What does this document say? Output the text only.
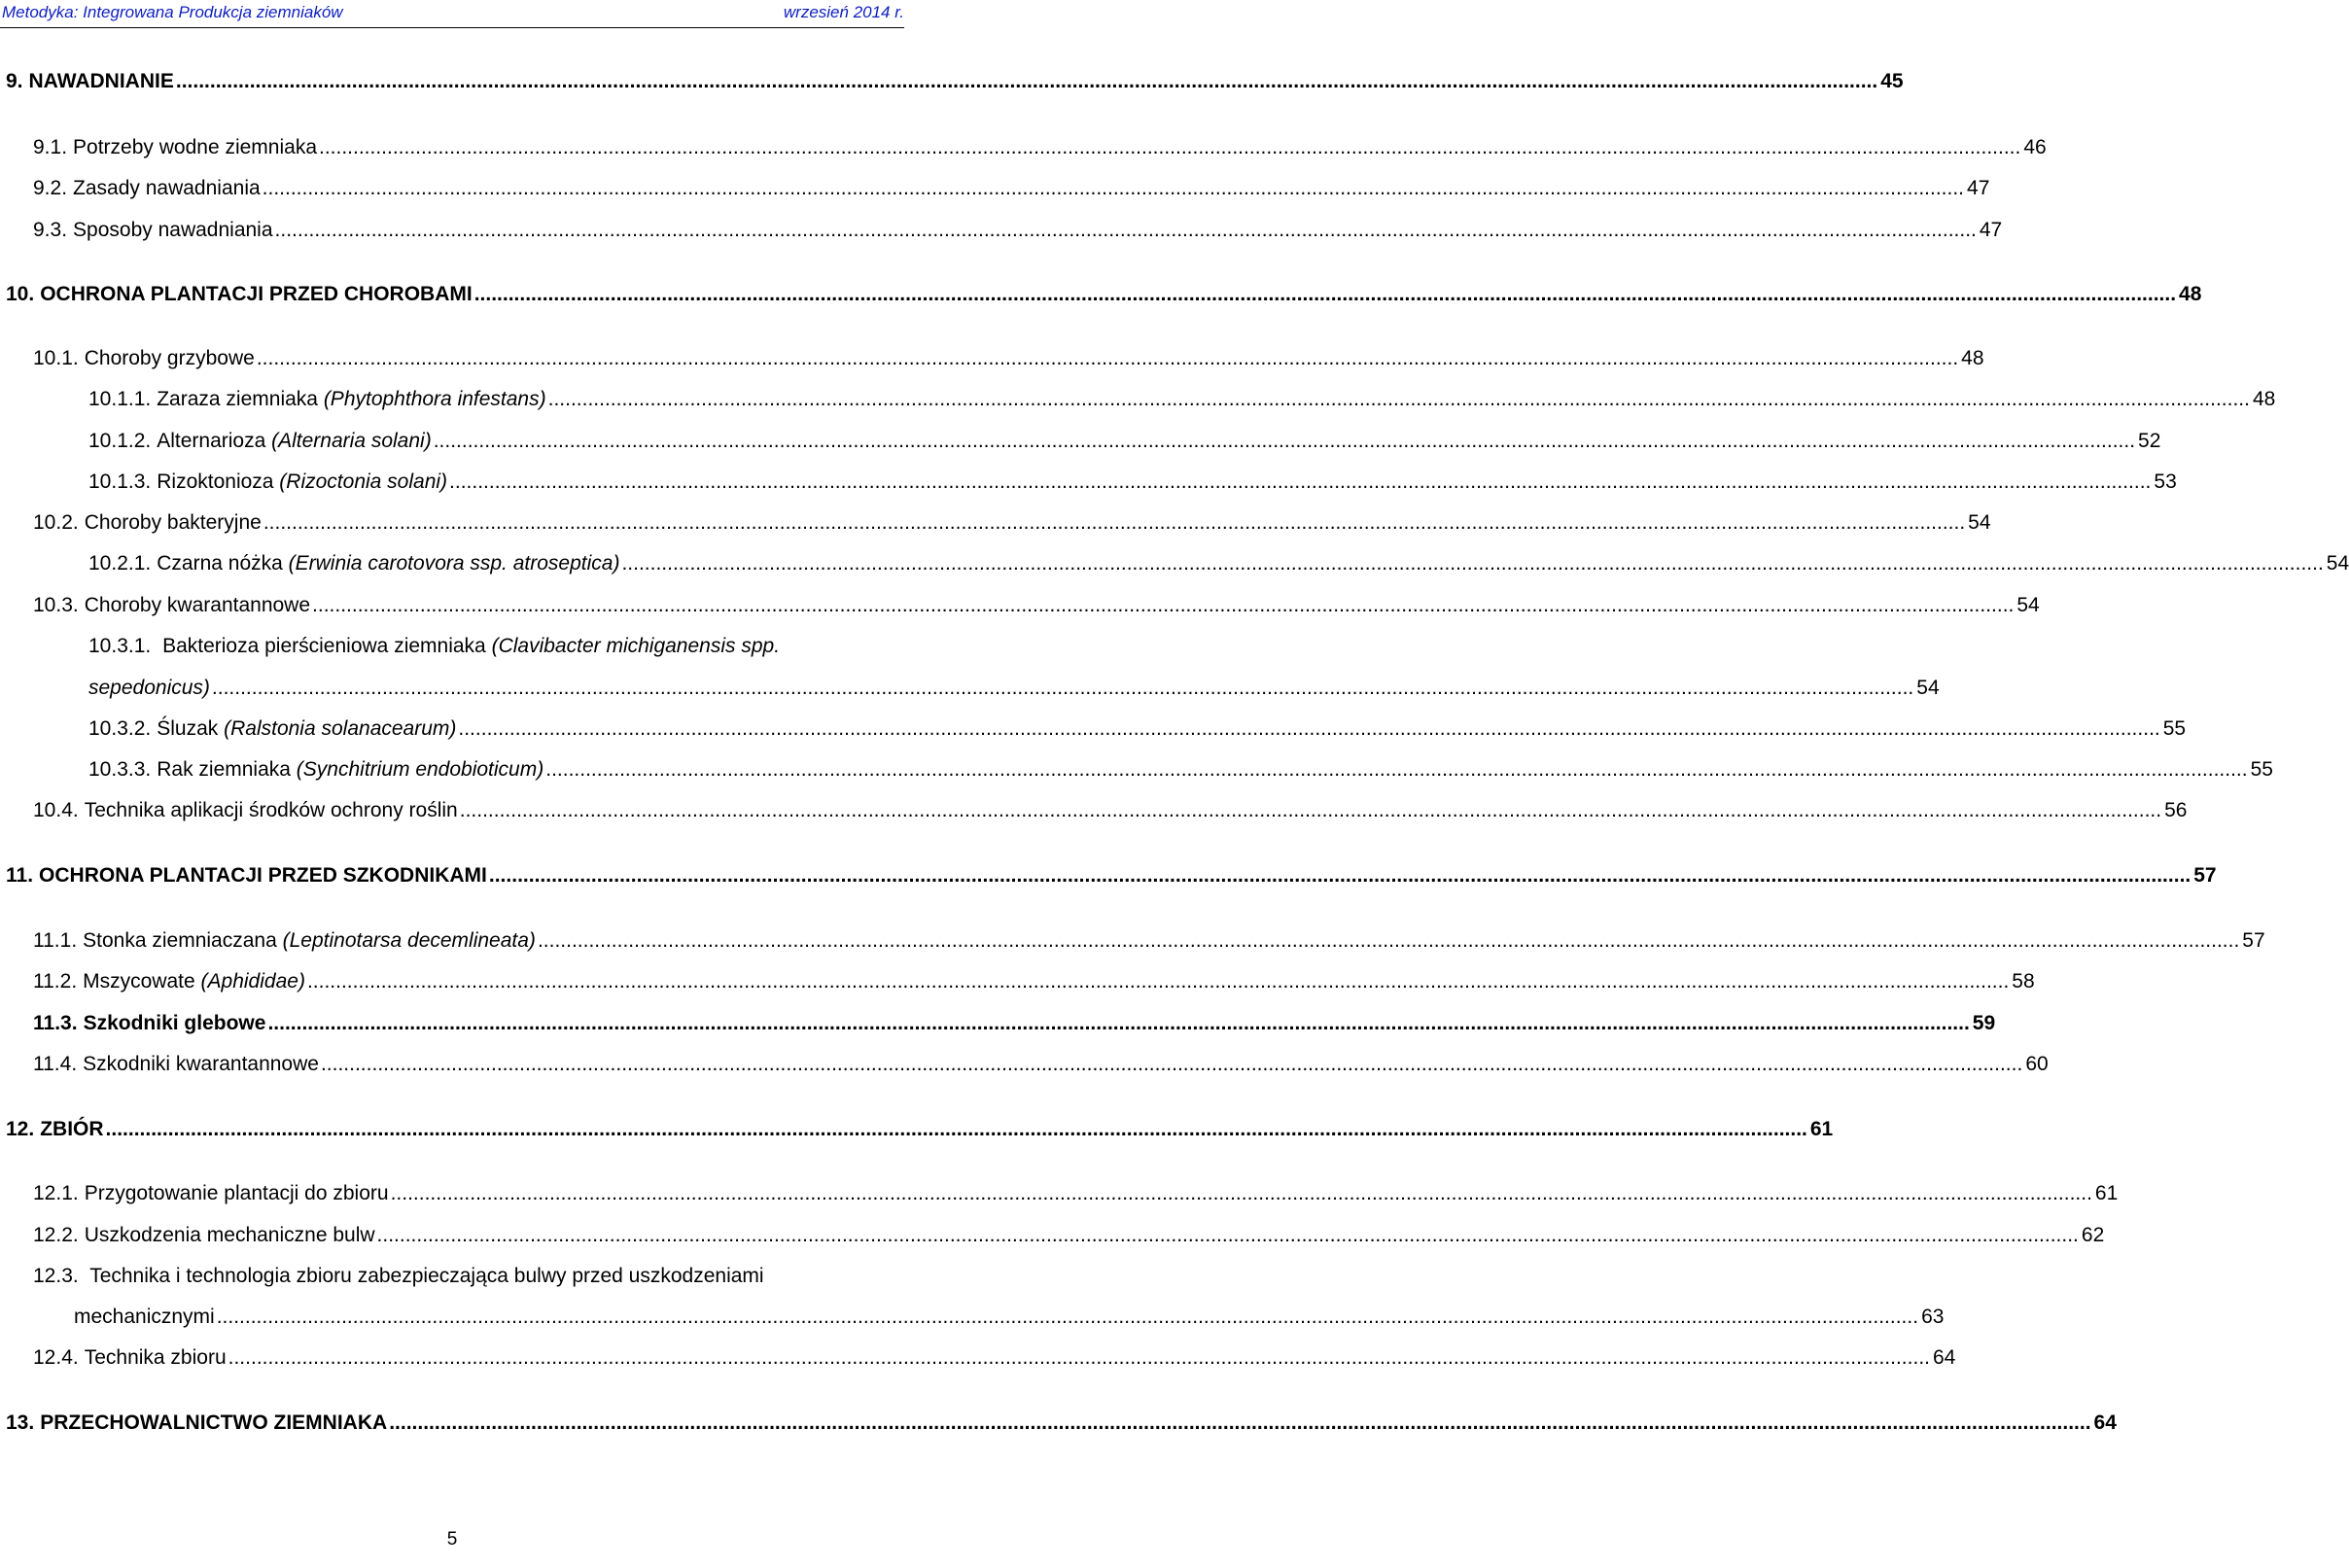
Metodyka: Integrowana Produkcja ziemniaków	wrzesień 2014 r.
9. NAWADNIANIE ............................................................................................................................................................................................................................................................................................................ 45
9.1. Potrzeby wodne ziemniaka ............................................................................................................................................................................................................................................................................................................ 46
9.2. Zasady nawadniania ............................................................................................................................................................................................................................................................................................................ 47
9.3. Sposoby nawadniania ............................................................................................................................................................................................................................................................................................................ 47
10. OCHRONA PLANTACJI PRZED CHOROBAMI ............................................................................................................................................................................................................................................................................................................ 48
10.1. Choroby grzybowe ............................................................................................................................................................................................................................................................................................................ 48
10.1.1. Zaraza ziemniaka (Phytophthora infestans) ............................................................................................................................................................................................................................................................................................................ 48
10.1.2. Alternarioza (Alternaria solani) ............................................................................................................................................................................................................................................................................................................ 52
10.1.3. Rizoktonioza (Rizoctonia solani) ............................................................................................................................................................................................................................................................................................................ 53
10.2. Choroby bakteryjne ............................................................................................................................................................................................................................................................................................................ 54
10.2.1. Czarna nóżka (Erwinia carotovora ssp. atroseptica) ............................................................................................................................................................................................................................................................................................................ 54
10.3. Choroby kwarantannowe ............................................................................................................................................................................................................................................................................................................ 54
10.3.1. Bakterioza pierścieniowa ziemniaka (Clavibacter michiganensis spp.
sepedonicus) ............................................................................................................................................................................................................................................................................................................ 54
10.3.2. Śluzak (Ralstonia solanacearum) ............................................................................................................................................................................................................................................................................................................ 55
10.3.3. Rak ziemniaka (Synchitrium endobioticum) ............................................................................................................................................................................................................................................................................................................ 55
10.4. Technika aplikacji środków ochrony roślin ............................................................................................................................................................................................................................................................................................................ 56
11. OCHRONA PLANTACJI PRZED SZKODNIKAMI ............................................................................................................................................................................................................................................................................................................ 57
11.1. Stonka ziemniaczana (Leptinotarsa decemlineata) ............................................................................................................................................................................................................................................................................................................ 57
11.2. Mszycowate (Aphididae) ............................................................................................................................................................................................................................................................................................................ 58
11.3. Szkodniki glebowe ............................................................................................................................................................................................................................................................................................................ 59
11.4. Szkodniki kwarantannowe ............................................................................................................................................................................................................................................................................................................ 60
12. ZBIÓR ............................................................................................................................................................................................................................................................................................................ 61
12.1. Przygotowanie plantacji do zbioru ............................................................................................................................................................................................................................................................................................................ 61
12.2. Uszkodzenia mechaniczne bulw ............................................................................................................................................................................................................................................................................................................ 62
12.3. Technika i technologia zbioru zabezpieczająca bulwy przed uszkodzeniami
mechanicznymi ............................................................................................................................................................................................................................................................................................................ 63
12.4. Technika zbioru ............................................................................................................................................................................................................................................................................................................ 64
13. PRZECHOWALNICTWO ZIEMNIAKA ............................................................................................................................................................................................................................................................................................................ 64
5
